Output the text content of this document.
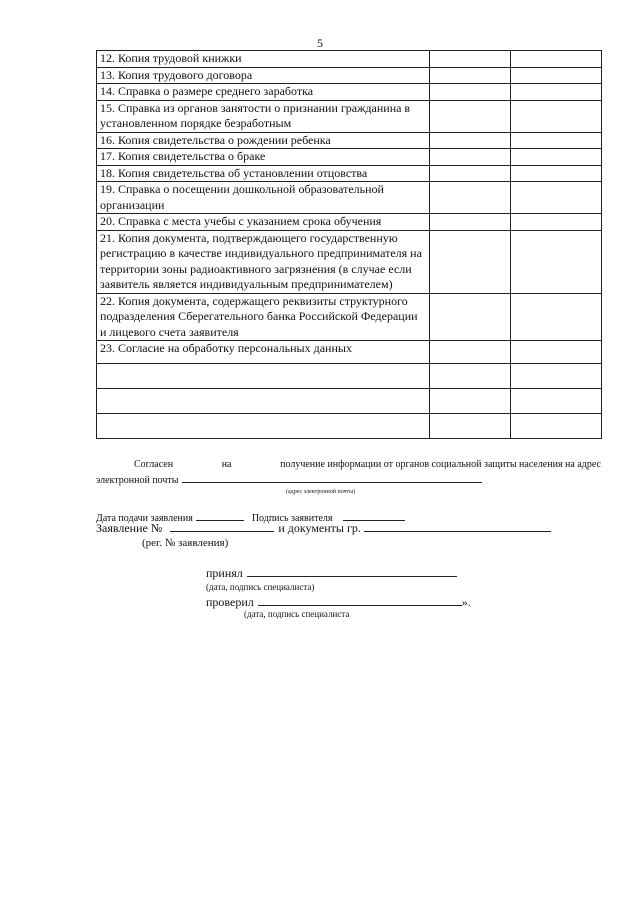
5
12. Копия трудовой книжки		
13. Копия трудового договора		
14. Справка о размере среднего заработка		
15. Справка из органов занятости о признании гражданина в установленном порядке безработным		
16. Копия свидетельства о рождении ребенка		
17. Копия свидетельства о браке		
18. Копия свидетельства об установлении отцовства		
19. Справка о посещении дошкольной образовательной организации		
20. Справка с места учебы с указанием срока обучения		
21. Копия документа, подтверждающего государственную регистрацию в качестве индивидуального предпринимателя на территории зоны радиоактивного загрязнения (в случае если заявитель является индивидуальным предпринимателем)		
22. Копия документа, содержащего реквизиты структурного подразделения Сберегательного банка Российской Федерации и лицевого счета заявителя		
23. Согласие на обработку персональных данных		

Согласен	на	получение информации от органов социальной защиты населения на адрес
электронной почты
(адрес электронной почты)
Дата подачи заявления	Подпись заявителя
Заявление №	и документы гр.
(рег. № заявления)
принял
(дата, подпись специалиста)
проверил	».
(дата, подпись специалиста
